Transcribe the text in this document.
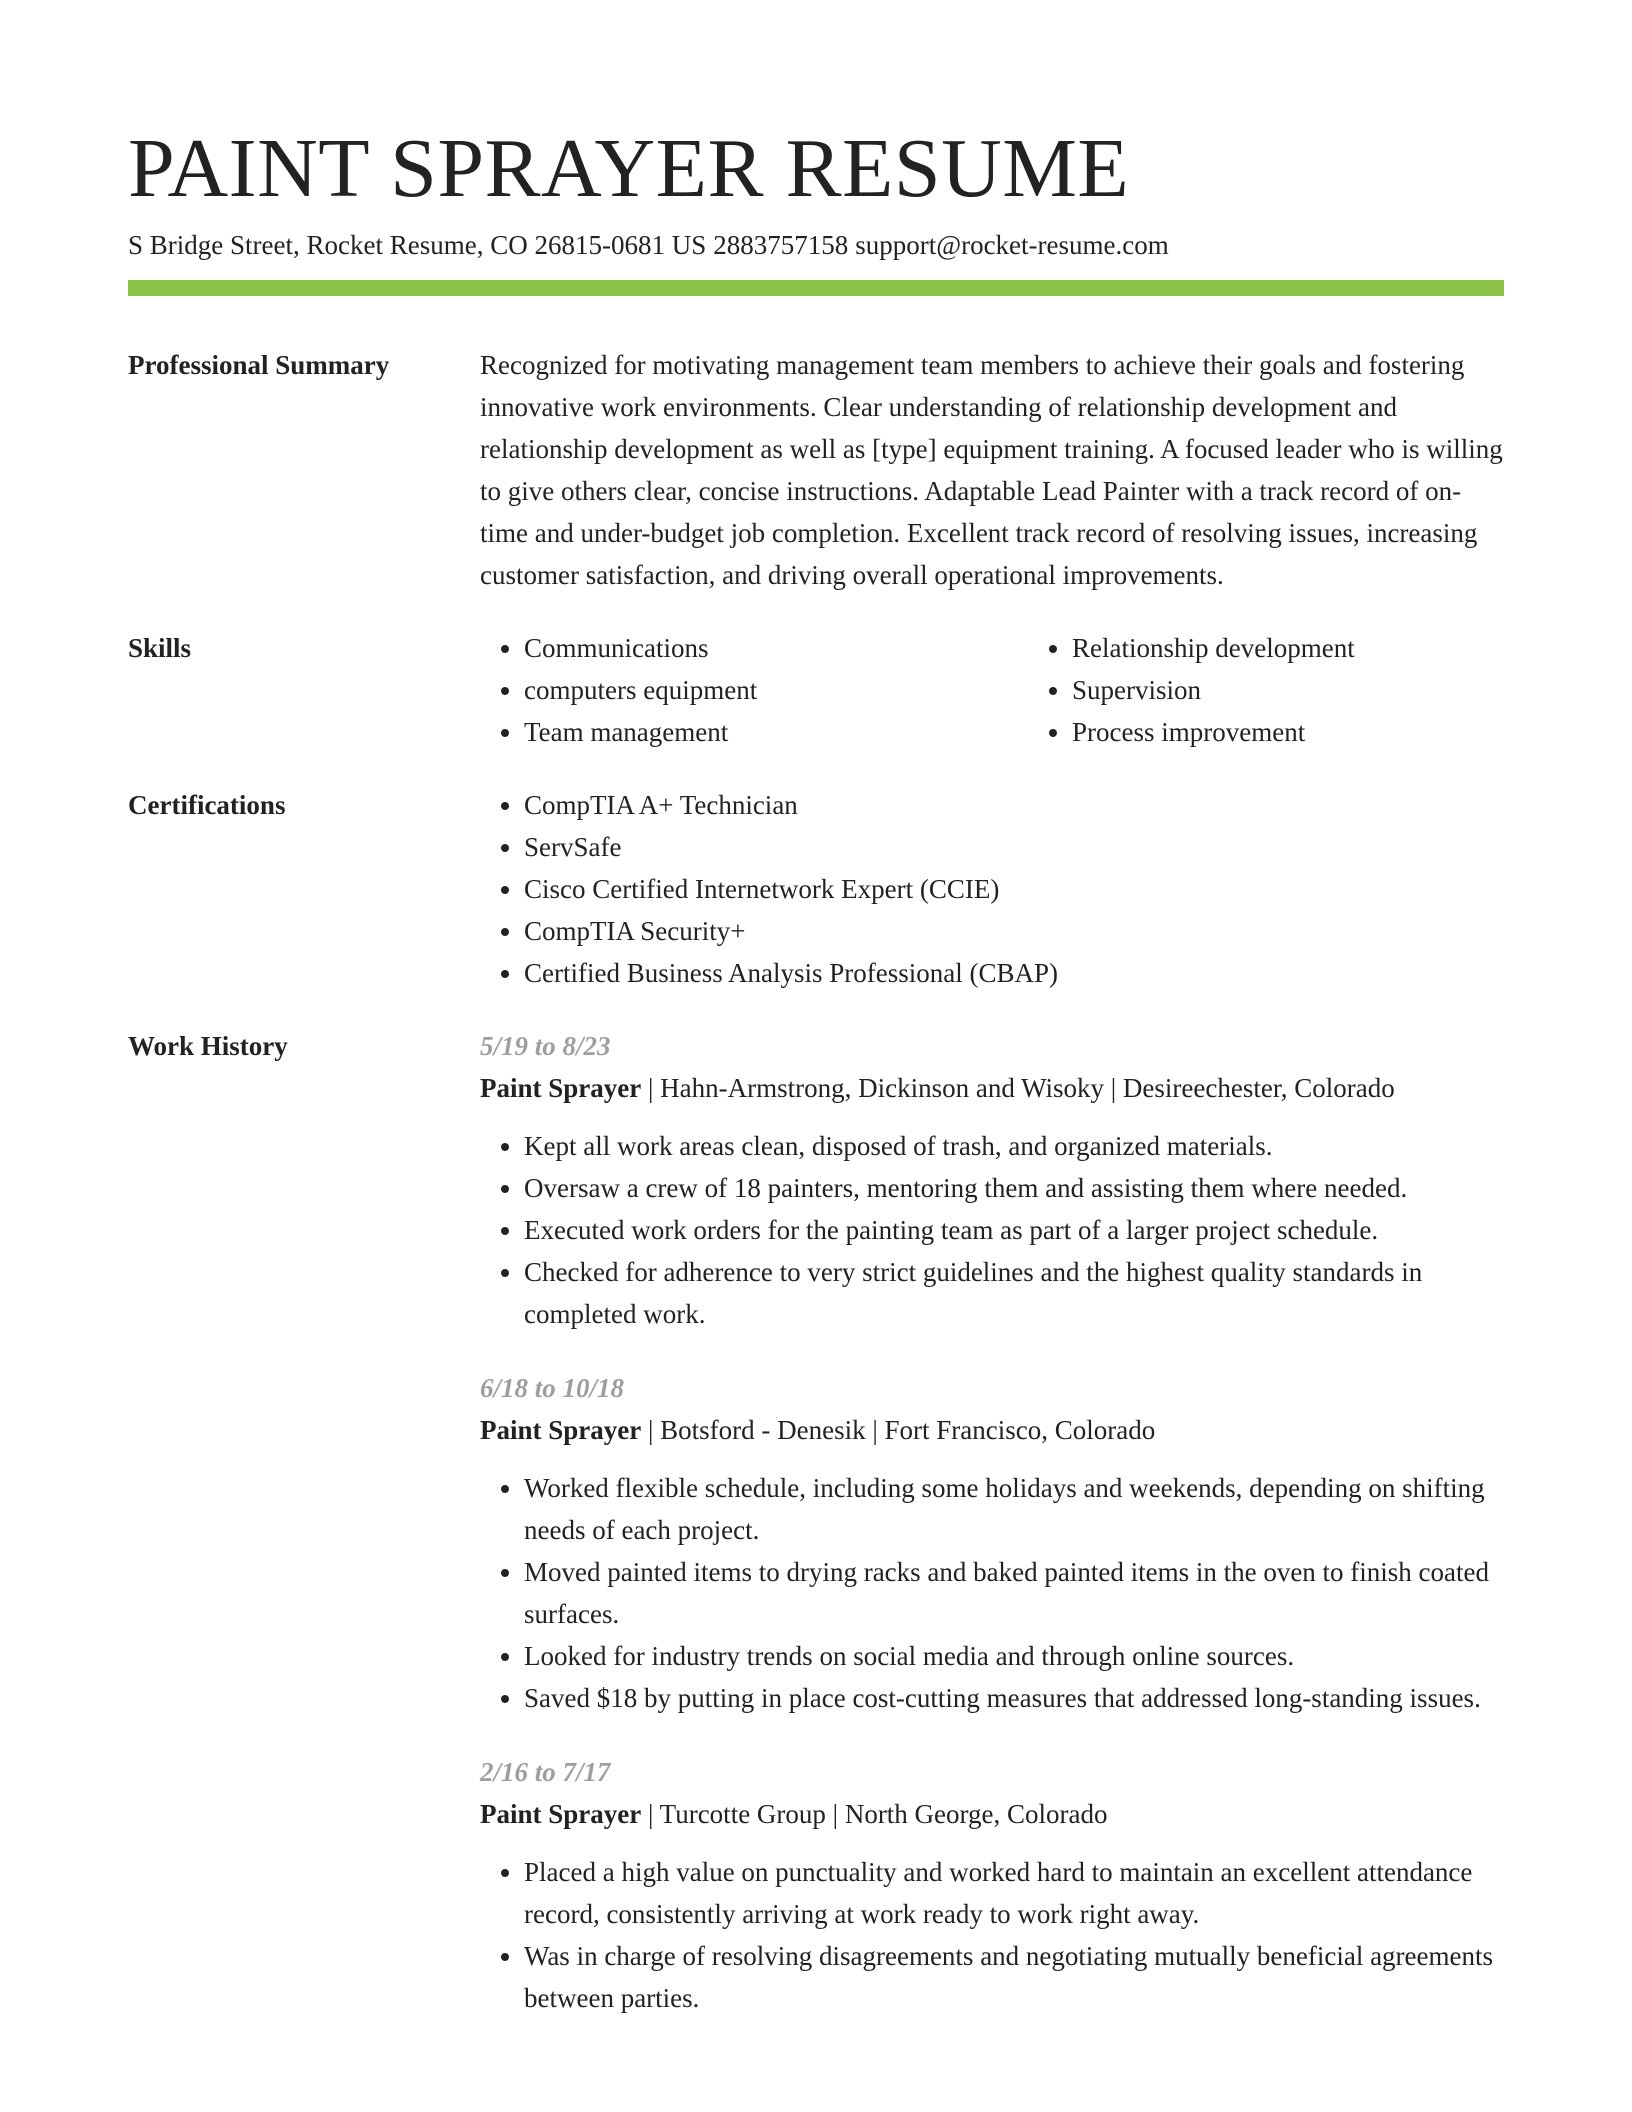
PAINT SPRAYER RESUME
S Bridge Street, Rocket Resume, CO 26815-0681 US 2883757158 support@rocket-resume.com
Professional Summary	Recognized for motivating management team members to achieve their goals and fostering innovative work environments. Clear understanding of relationship development and relationship development as well as [type] equipment training. A focused leader who is willing to give others clear, concise instructions. Adaptable Lead Painter with a track record of on-time and under-budget job completion. Excellent track record of resolving issues, increasing customer satisfaction, and driving overall operational improvements.

Skills	• Communications
• computers equipment
• Team management
• Relationship development
• Supervision
• Process improvement
Certifications	• CompTIA A+ Technician
• ServSafe
• Cisco Certified Internetwork Expert (CCIE)
• CompTIA Security+
• Certified Business Analysis Professional (CBAP)
Work History	5/19 to 8/23
Paint Sprayer | Hahn-Armstrong, Dickinson and Wisoky | Desireechester, Colorado
• Kept all work areas clean, disposed of trash, and organized materials.
• Oversaw a crew of 18 painters, mentoring them and assisting them where needed.
• Executed work orders for the painting team as part of a larger project schedule.
• Checked for adherence to very strict guidelines and the highest quality standards in completed work.
6/18 to 10/18
Paint Sprayer | Botsford - Denesik | Fort Francisco, Colorado
• Worked flexible schedule, including some holidays and weekends, depending on shifting needs of each project.
• Moved painted items to drying racks and baked painted items in the oven to finish coated surfaces.
• Looked for industry trends on social media and through online sources.
• Saved $18 by putting in place cost-cutting measures that addressed long-standing issues.
2/16 to 7/17
Paint Sprayer | Turcotte Group | North George, Colorado
• Placed a high value on punctuality and worked hard to maintain an excellent attendance record, consistently arriving at work ready to work right away.
• Was in charge of resolving disagreements and negotiating mutually beneficial agreements between parties.
